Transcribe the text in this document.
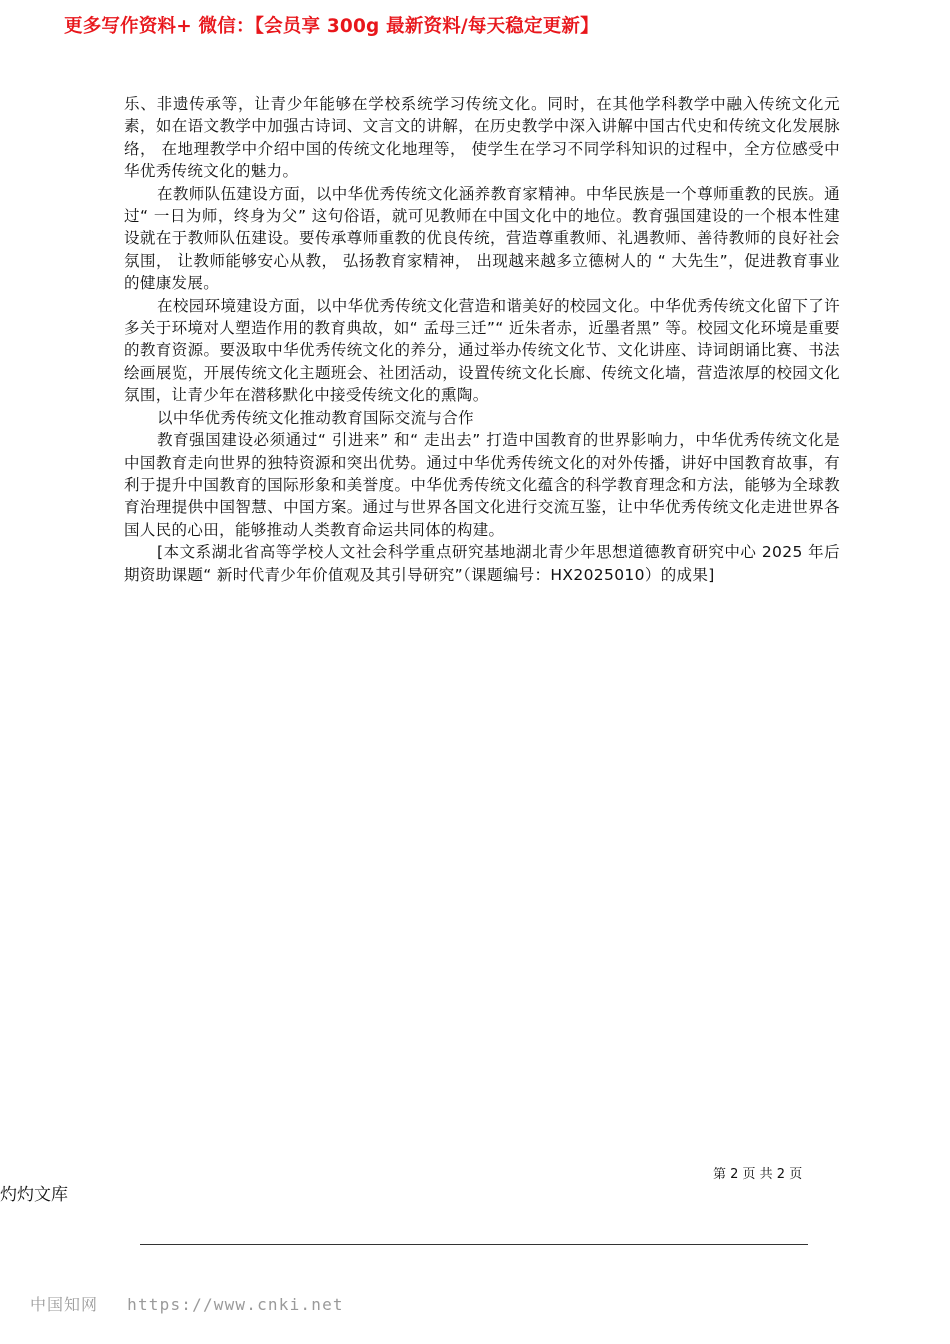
更多写作资料+ 微信：【会员享 300g 最新资料/每天稳定更新】

乐、非遗传承等，让青少年能够在学校系统学习传统文化。同时，在其他学科教学中融入传统文化元素，如在语文教学中加强古诗词、文言文的讲解，在历史教学中深入讲解中国古代史和传统文化发展脉络， 在地理教学中介绍中国的传统文化地理等， 使学生在学习不同学科知识的过程中，全方位感受中华优秀传统文化的魅力。

在教师队伍建设方面，以中华优秀传统文化涵养教育家精神。中华民族是一个尊师重教的民族。通过“ 一日为师，终身为父” 这句俗语，就可见教师在中国文化中的地位。教育强国建设的一个根本性建设就在于教师队伍建设。要传承尊师重教的优良传统，营造尊重教师、礼遇教师、善待教师的良好社会氛围， 让教师能够安心从教， 弘扬教育家精神， 出现越来越多立德树人的 “ 大先生”，促进教育事业的健康发展。

在校园环境建设方面，以中华优秀传统文化营造和谐美好的校园文化。中华优秀传统文化留下了许多关于环境对人塑造作用的教育典故，如“ 孟母三迁”“ 近朱者赤，近墨者黑” 等。校园文化环境是重要的教育资源。要汲取中华优秀传统文化的养分，通过举办传统文化节、文化讲座、诗词朗诵比赛、书法绘画展览，开展传统文化主题班会、社团活动，设置传统文化长廊、传统文化墙，营造浓厚的校园文化氛围，让青少年在潜移默化中接受传统文化的熏陶。

以中华优秀传统文化推动教育国际交流与合作

教育强国建设必须通过“ 引进来” 和“ 走出去” 打造中国教育的世界影响力，中华优秀传统文化是中国教育走向世界的独特资源和突出优势。通过中华优秀传统文化的对外传播，讲好中国教育故事，有利于提升中国教育的国际形象和美誉度。中华优秀传统文化蕴含的科学教育理念和方法，能够为全球教育治理提供中国智慧、中国方案。通过与世界各国文化进行交流互鉴，让中华优秀传统文化走进世界各国人民的心田，能够推动人类教育命运共同体的构建。

[本文系湖北省高等学校人文社会科学重点研究基地湖北青少年思想道德教育研究中心 2025 年后期资助课题“ 新时代青少年价值观及其引导研究”（课题编号：HX2025010）的成果]

第 2 页 共 2 页
灼灼文库
中国知网 https://www.cnki.net
